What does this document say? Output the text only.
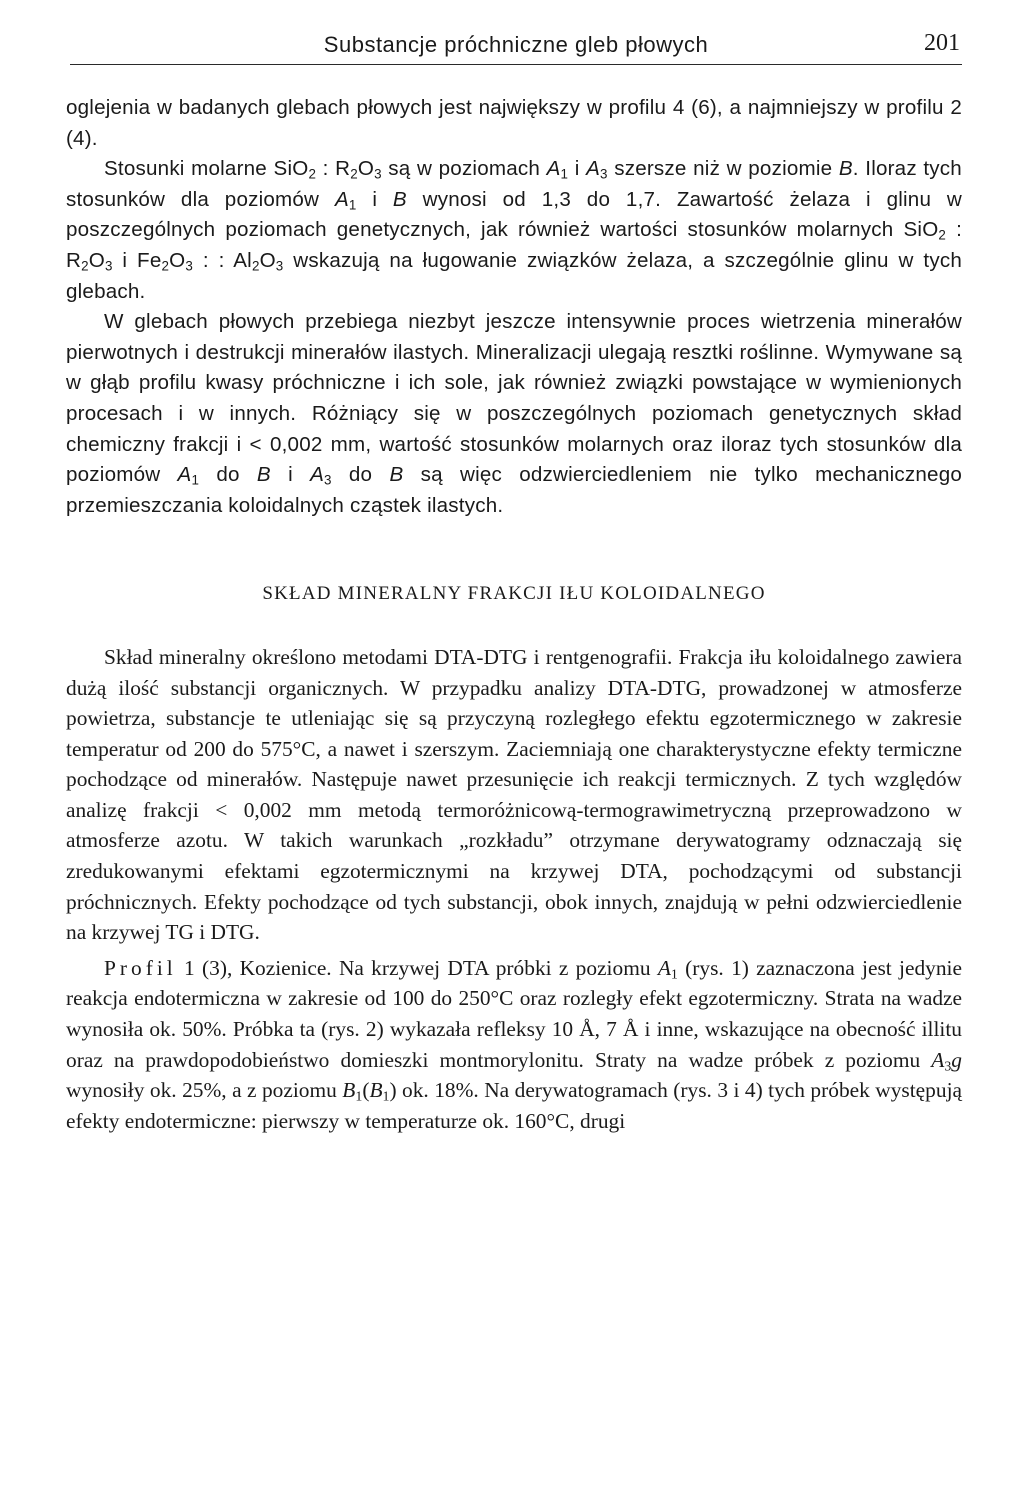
Substancje próchniczne gleb płowych	201

oglejenia w badanych glebach płowych jest największy w profilu 4 (6), a najmniejszy w profilu 2 (4).

Stosunki molarne SiO$_2$ : $R_2O_3$ są w poziomach $A_1$ i $A_3$ szersze niż w poziomie B. Iloraz tych stosunków dla poziomów $A_1$ i B wynosi od 1,3 do 1,7. Zawartość żelaza i glinu w poszczególnych poziomach genetycznych, jak również wartości stosunków molarnych SiO$_2$ : $R_2O_3$ i $Fe_2O_3$ : : $Al_2O_3$ wskazują na ługowanie związków żelaza, a szczególnie glinu w tych glebach.

W glebach płowych przebiega niezbyt jeszcze intensywnie proces wietrzenia minerałów pierwotnych i destrukcji minerałów ilastych. Mineralizacji ulegają resztki roślinne. Wymywane są w głąb profilu kwasy próchniczne i ich sole, jak również związki powstające w wymienionych procesach i w innych. Różniący się w poszczególnych poziomach genetycznych skład chemiczny frakcji i < 0,002 mm, wartość stosunków molarnych oraz iloraz tych stosunków dla poziomów $A_1$ do B i $A_3$ do B są więc odzwierciedleniem nie tylko mechanicznego przemieszczania koloidalnych cząstek ilastych.

SKŁAD MINERALNY FRAKCJI IŁU KOLOIDALNEGO

Skład mineralny określono metodami DTA-DTG i rentgenografii. Frakcja iłu koloidalnego zawiera dużą ilość substancji organicznych. W przypadku analizy DTA-DTG, prowadzonej w atmosferze powietrza, substancje te utleniając się są przyczyną rozległego efektu egzotermicznego w zakresie temperatur od 200 do 575°C, a nawet i szerszym. Zaciemniają one charakterystyczne efekty termiczne pochodzące od minerałów. Następuje nawet przesunięcie ich reakcji termicznych. Z tych względów analizę frakcji < 0,002 mm metodą termoróżnicową-termograwimetryczną przeprowadzono w atmosferze azotu. W takich warunkach „rozkładu” otrzymane derywatogramy odznaczają się zredukowanymi efektami egzotermicznymi na krzywej DTA, pochodzącymi od substancji próchnicznych. Efekty pochodzące od tych substancji, obok innych, znajdują w pełni odzwierciedlenie na krzywej TG i DTG.

Profil 1 (3), Kozienice. Na krzywej DTA próbki z poziomu $A_1$ (rys. 1) zaznaczona jest jedynie reakcja endotermiczna w zakresie od 100 do 250°C oraz rozległy efekt egzotermiczny. Strata na wadze wynosiła ok. 50%. Próbka ta (rys. 2) wykazała refleksy 10 Å, 7 Å i inne, wskazujące na obecność illitu oraz na prawdopodobieństwo domieszki montmorylonitu. Straty na wadze próbek z poziomu $A_3g$ wynosiły ok. 25%, a z poziomu $B_1(B_1)$ ok. 18%. Na derywatogramach (rys. 3 i 4) tych próbek występują efekty endotermiczne: pierwszy w temperaturze ok. 160°C, drugi
